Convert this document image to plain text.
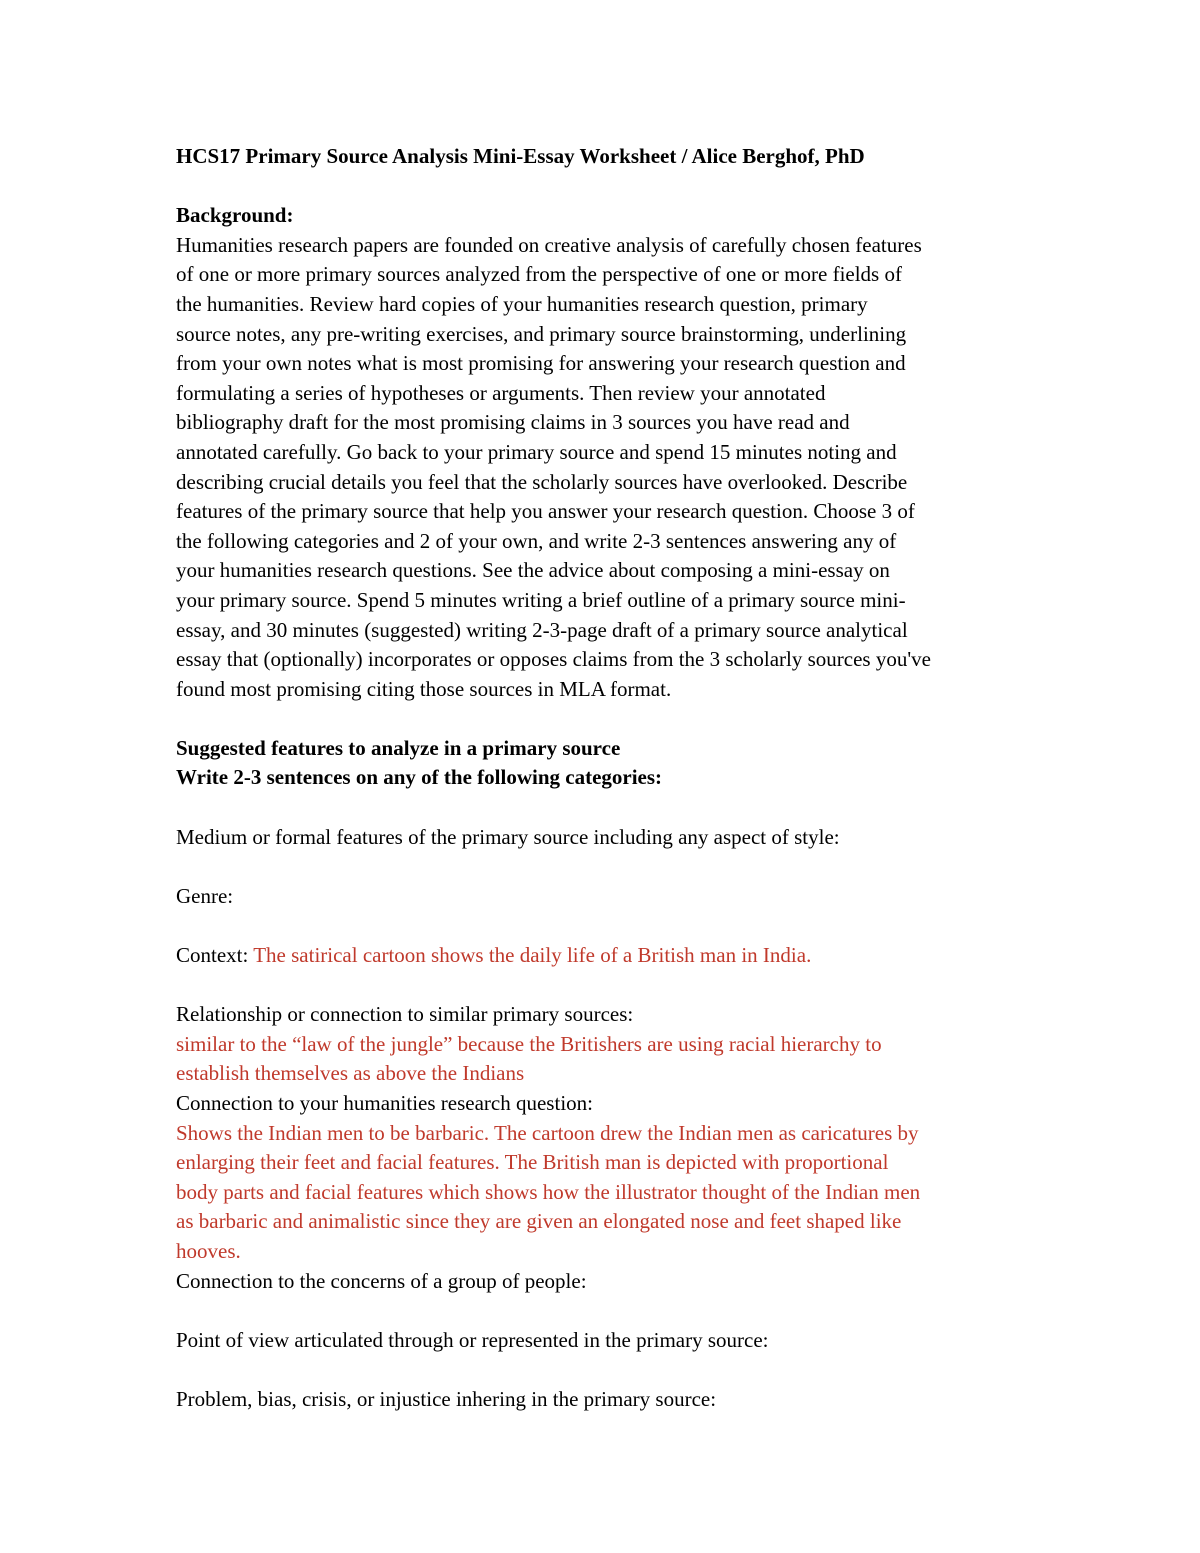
HCS17 Primary Source Analysis Mini-Essay Worksheet / Alice Berghof, PhD

Background:

Humanities research papers are founded on creative analysis of carefully chosen features
of one or more primary sources analyzed from the perspective of one or more fields of
the humanities. Review hard copies of your humanities research question, primary
source notes, any pre-writing exercises, and primary source brainstorming, underlining
from your own notes what is most promising for answering your research question and
formulating a series of hypotheses or arguments. Then review your annotated
bibliography draft for the most promising claims in 3 sources you have read and
annotated carefully. Go back to your primary source and spend 15 minutes noting and
describing crucial details you feel that the scholarly sources have overlooked. Describe
features of the primary source that help you answer your research question. Choose 3 of
the following categories and 2 of your own, and write 2-3 sentences answering any of
your humanities research questions. See the advice about composing a mini-essay on
your primary source. Spend 5 minutes writing a brief outline of a primary source mini-
essay, and 30 minutes (suggested) writing 2-3-page draft of a primary source analytical
essay that (optionally) incorporates or opposes claims from the 3 scholarly sources you've
found most promising citing those sources in MLA format.

Suggested features to analyze in a primary source

Write 2-3 sentences on any of the following categories:

Medium or formal features of the primary source including any aspect of style:

Genre:

Context: The satirical cartoon shows the daily life of a British man in India.

Relationship or connection to similar primary sources:

similar to the “law of the jungle” because the Britishers are using racial hierarchy to
establish themselves as above the Indians

Connection to your humanities research question:

Shows the Indian men to be barbaric. The cartoon drew the Indian men as caricatures by
enlarging their feet and facial features. The British man is depicted with proportional
body parts and facial features which shows how the illustrator thought of the Indian men
as barbaric and animalistic since they are given an elongated nose and feet shaped like
hooves.

Connection to the concerns of a group of people:

Point of view articulated through or represented in the primary source:

Problem, bias, crisis, or injustice inhering in the primary source:
